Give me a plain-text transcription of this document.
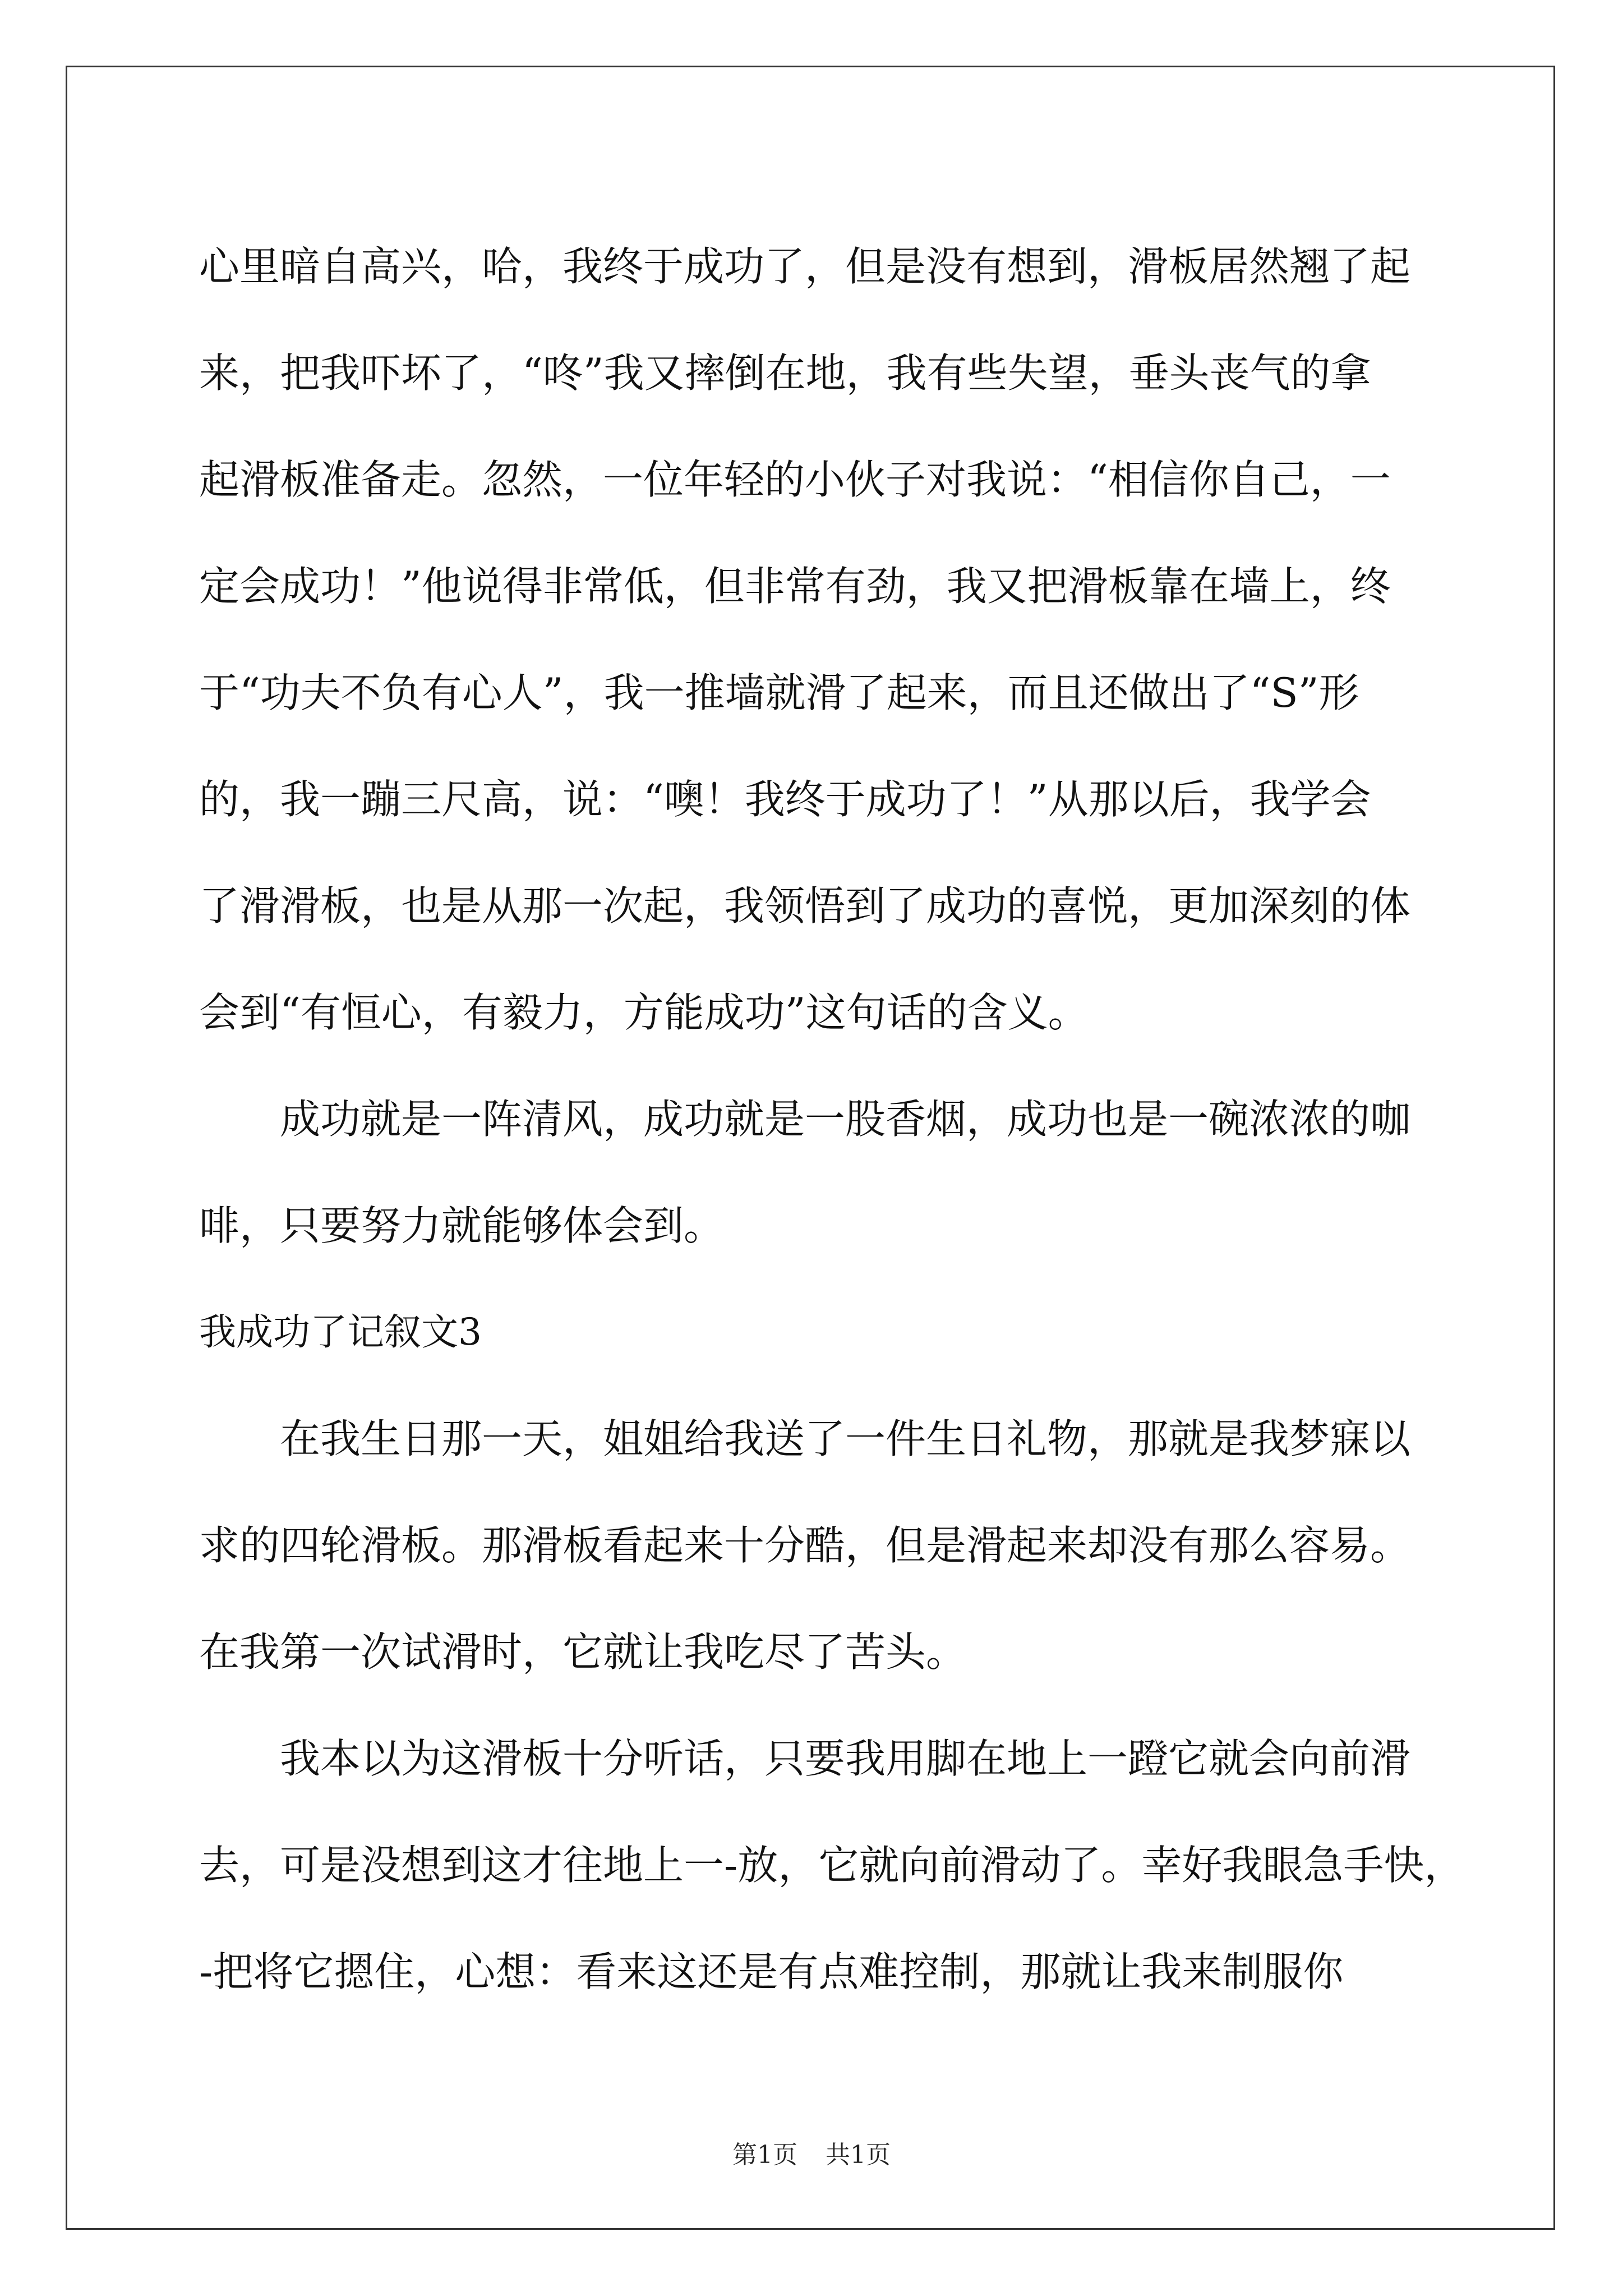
心里暗自高兴，哈，我终于成功了，但是没有想到，滑板居然翘了起
来，把我吓坏了，“咚”我又摔倒在地，我有些失望，垂头丧气的拿
起滑板准备走。忽然，一位年轻的小伙子对我说：“相信你自己，一
定会成功！”他说得非常低，但非常有劲，我又把滑板靠在墙上，终
于“功夫不负有心人”，我一推墙就滑了起来，而且还做出了“S”形
的，我一蹦三尺高，说：“噢！我终于成功了！”从那以后，我学会
了滑滑板，也是从那一次起，我领悟到了成功的喜悦，更加深刻的体
会到“有恒心，有毅力，方能成功”这句话的含义。
成功就是一阵清风，成功就是一股香烟，成功也是一碗浓浓的咖
啡，只要努力就能够体会到。
我成功了记叙文3
在我生日那一天，姐姐给我送了一件生日礼物，那就是我梦寐以
求的四轮滑板。那滑板看起来十分酷，但是滑起来却没有那么容易。
在我第一次试滑时，它就让我吃尽了苦头。
我本以为这滑板十分听话，只要我用脚在地上一蹬它就会向前滑
去，可是没想到这才往地上一-放，它就向前滑动了。幸好我眼急手快，
-把将它摁住，心想：看来这还是有点难控制，那就让我来制服你
第1页 共1页
